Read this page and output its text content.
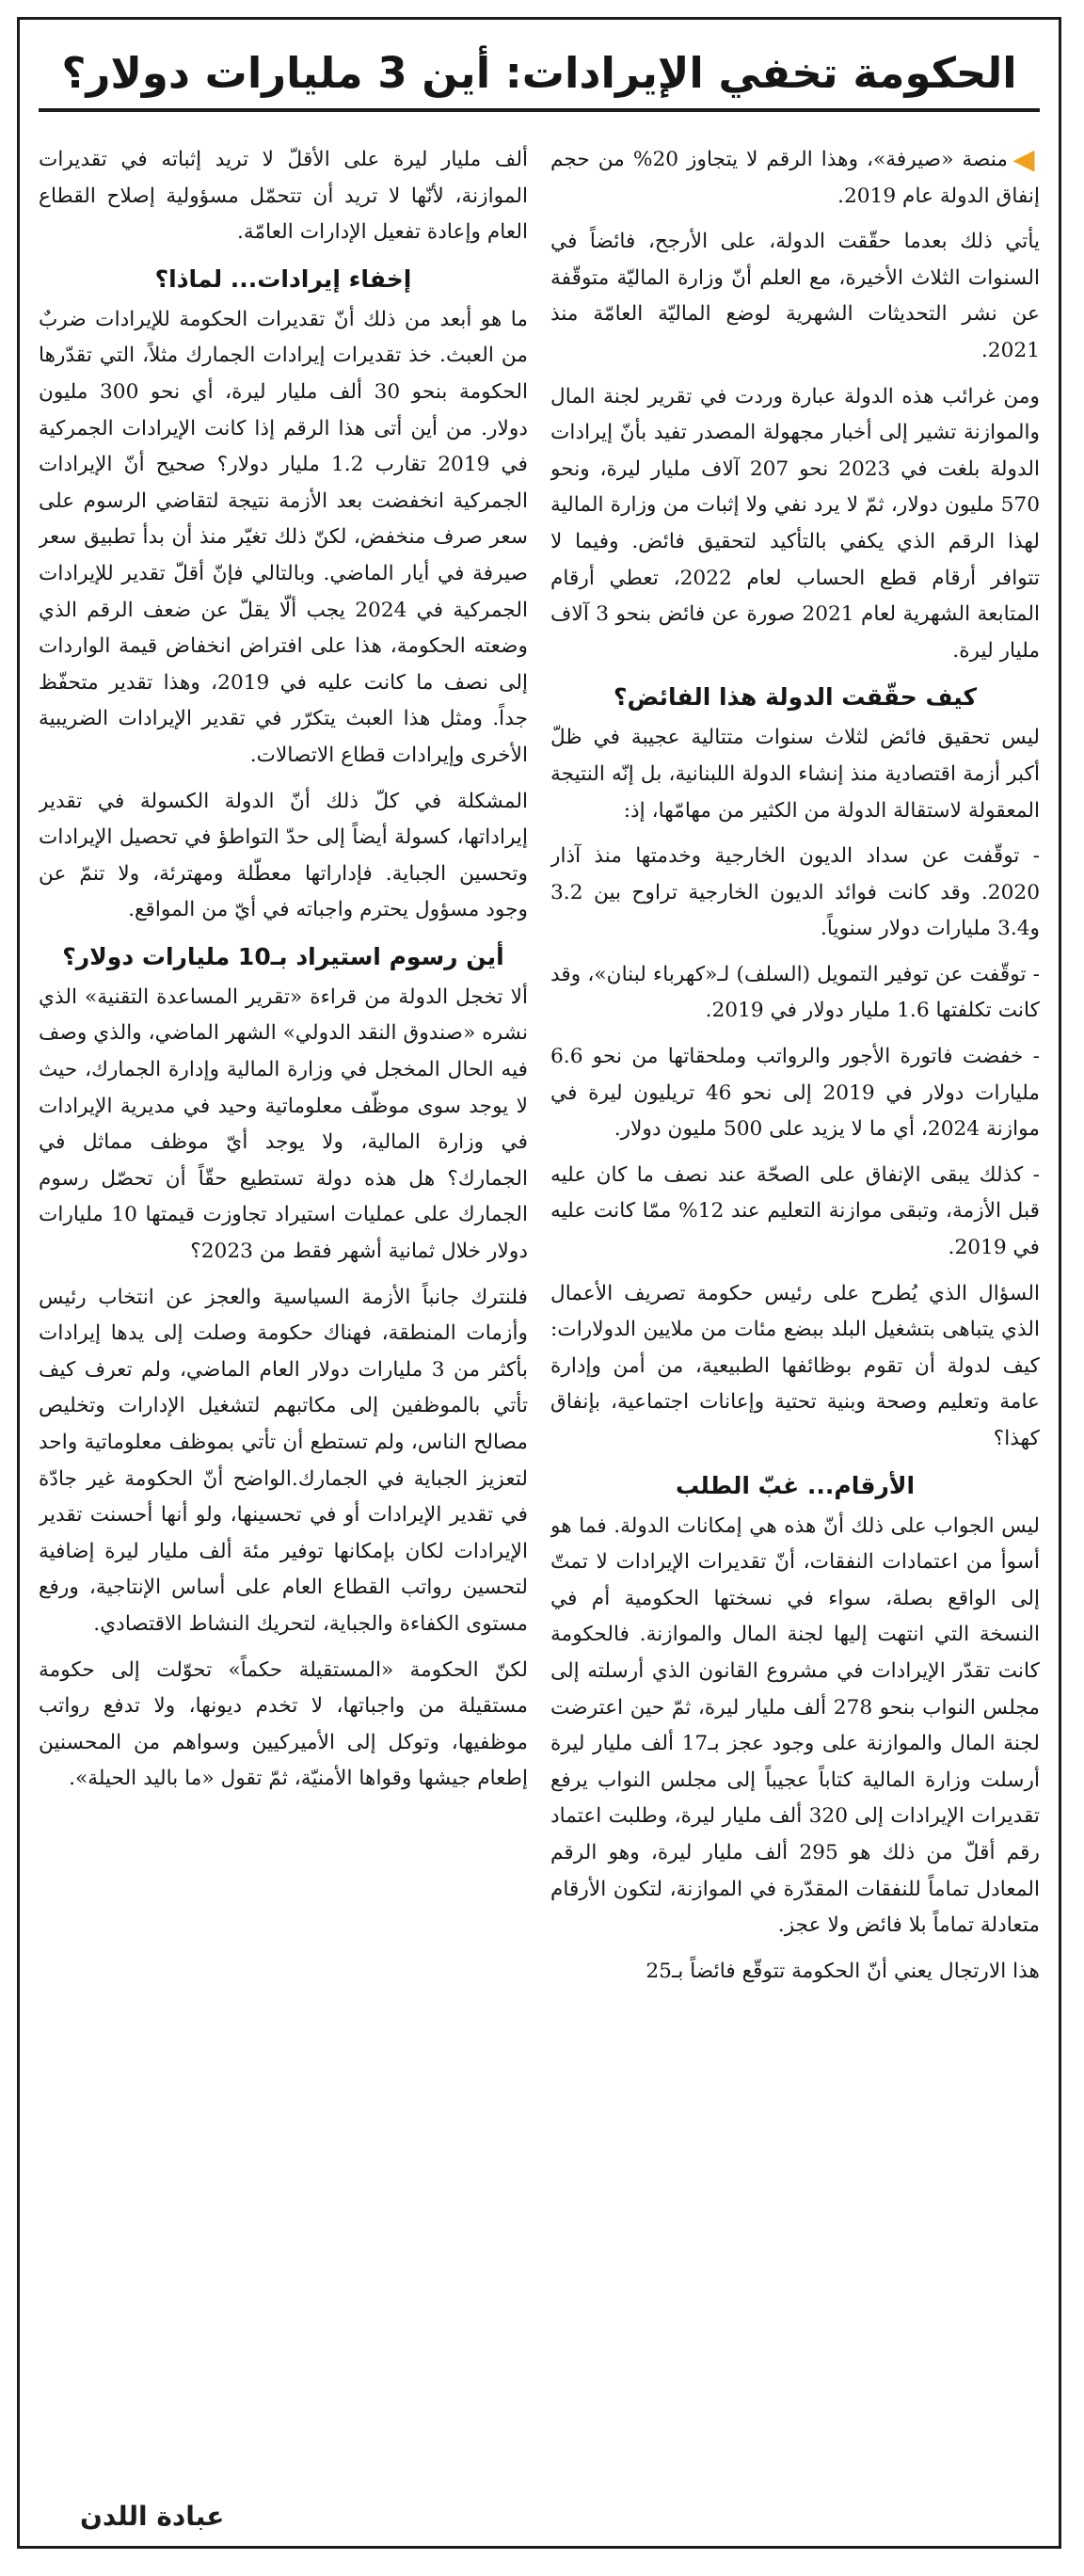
الحكومة تخفي الإيرادات: أين 3 مليارات دولار؟

◀منصة «صيرفة»، وهذا الرقم لا يتجاوز 20% من حجم إنفاق الدولة عام 2019.

يأتي ذلك بعدما حقّقت الدولة، على الأرجح، فائضاً في السنوات الثلاث الأخيرة، مع العلم أنّ وزارة الماليّة متوقّفة عن نشر التحديثات الشهرية لوضع الماليّة العامّة منذ 2021.

ومن غرائب هذه الدولة عبارة وردت في تقرير لجنة المال والموازنة تشير إلى أخبار مجهولة المصدر تفيد بأنّ إيرادات الدولة بلغت في 2023 نحو 207 آلاف مليار ليرة، ونحو 570 مليون دولار، ثمّ لا يرد نفي ولا إثبات من وزارة المالية لهذا الرقم الذي يكفي بالتأكيد لتحقيق فائض. وفيما لا تتوافر أرقام قطع الحساب لعام 2022، تعطي أرقام المتابعة الشهرية لعام 2021 صورة عن فائض بنحو 3 آلاف مليار ليرة.

كيف حقّقت الدولة هذا الفائض؟

ليس تحقيق فائض لثلاث سنوات متتالية عجيبة في ظلّ أكبر أزمة اقتصادية منذ إنشاء الدولة اللبنانية، بل إنّه النتيجة المعقولة لاستقالة الدولة من الكثير من مهامّها، إذ:

- توقّفت عن سداد الديون الخارجية وخدمتها منذ آذار 2020. وقد كانت فوائد الديون الخارجية تراوح بين 3.2 و3.4 مليارات دولار سنوياً.

- توقّفت عن توفير التمويل (السلف) لـ«كهرباء لبنان»، وقد كانت تكلفتها 1.6 مليار دولار في 2019.

- خفضت فاتورة الأجور والرواتب وملحقاتها من نحو 6.6 مليارات دولار في 2019 إلى نحو 46 تريليون ليرة في موازنة 2024، أي ما لا يزيد على 500 مليون دولار.

- كذلك يبقى الإنفاق على الصحّة عند نصف ما كان عليه قبل الأزمة، وتبقى موازنة التعليم عند 12% ممّا كانت عليه في 2019.

السؤال الذي يُطرح على رئيس حكومة تصريف الأعمال الذي يتباهى بتشغيل البلد ببضع مئات من ملايين الدولارات: كيف لدولة أن تقوم بوظائفها الطبيعية، من أمن وإدارة عامة وتعليم وصحة وبنية تحتية وإعانات اجتماعية، بإنفاق كهذا؟

الأرقام... غبّ الطلب

ليس الجواب على ذلك أنّ هذه هي إمكانات الدولة. فما هو أسوأ من اعتمادات النفقات، أنّ تقديرات الإيرادات لا تمتّ إلى الواقع بصلة، سواء في نسختها الحكومية أم في النسخة التي انتهت إليها لجنة المال والموازنة. فالحكومة كانت تقدّر الإيرادات في مشروع القانون الذي أرسلته إلى مجلس النواب بنحو 278 ألف مليار ليرة، ثمّ حين اعترضت لجنة المال والموازنة على وجود عجز بـ17 ألف مليار ليرة أرسلت وزارة المالية كتاباً عجيباً إلى مجلس النواب يرفع تقديرات الإيرادات إلى 320 ألف مليار ليرة، وطلبت اعتماد رقم أقلّ من ذلك هو 295 ألف مليار ليرة، وهو الرقم المعادل تماماً للنفقات المقدّرة في الموازنة، لتكون الأرقام متعادلة تماماً بلا فائض ولا عجز.

هذا الارتجال يعني أنّ الحكومة تتوقّع فائضاً بـ25

ألف مليار ليرة على الأقلّ لا تريد إثباته في تقديرات الموازنة، لأنّها لا تريد أن تتحمّل مسؤولية إصلاح القطاع العام وإعادة تفعيل الإدارات العامّة.

إخفاء إيرادات... لماذا؟

ما هو أبعد من ذلك أنّ تقديرات الحكومة للإيرادات ضربٌ من العبث. خذ تقديرات إيرادات الجمارك مثلاً، التي تقدّرها الحكومة بنحو 30 ألف مليار ليرة، أي نحو 300 مليون دولار. من أين أتى هذا الرقم إذا كانت الإيرادات الجمركية في 2019 تقارب 1.2 مليار دولار؟ صحيح أنّ الإيرادات الجمركية انخفضت بعد الأزمة نتيجة لتقاضي الرسوم على سعر صرف منخفض، لكنّ ذلك تغيّر منذ أن بدأ تطبيق سعر صيرفة في أيار الماضي. وبالتالي فإنّ أقلّ تقدير للإيرادات الجمركية في 2024 يجب ألّا يقلّ عن ضعف الرقم الذي وضعته الحكومة، هذا على افتراض انخفاض قيمة الواردات إلى نصف ما كانت عليه في 2019، وهذا تقدير متحفّظ جداً. ومثل هذا العبث يتكرّر في تقدير الإيرادات الضريبية الأخرى وإيرادات قطاع الاتصالات.

المشكلة في كلّ ذلك أنّ الدولة الكسولة في تقدير إيراداتها، كسولة أيضاً إلى حدّ التواطؤ في تحصيل الإيرادات وتحسين الجباية. فإداراتها معطّلة ومهترئة، ولا تنمّ عن وجود مسؤول يحترم واجباته في أيّ من المواقع.

أين رسوم استيراد بـ10 مليارات دولار؟

ألا تخجل الدولة من قراءة «تقرير المساعدة التقنية» الذي نشره «صندوق النقد الدولي» الشهر الماضي، والذي وصف فيه الحال المخجل في وزارة المالية وإدارة الجمارك، حيث لا يوجد سوى موظّف معلوماتية وحيد في مديرية الإيرادات في وزارة المالية، ولا يوجد أيّ موظف مماثل في الجمارك؟ هل هذه دولة تستطيع حقّاً أن تحصّل رسوم الجمارك على عمليات استيراد تجاوزت قيمتها 10 مليارات دولار خلال ثمانية أشهر فقط من 2023؟

فلنترك جانباً الأزمة السياسية والعجز عن انتخاب رئيس وأزمات المنطقة، فهناك حكومة وصلت إلى يدها إيرادات بأكثر من 3 مليارات دولار العام الماضي، ولم تعرف كيف تأتي بالموظفين إلى مكاتبهم لتشغيل الإدارات وتخليص مصالح الناس، ولم تستطع أن تأتي بموظف معلوماتية واحد لتعزيز الجباية في الجمارك.الواضح أنّ الحكومة غير جادّة في تقدير الإيرادات أو في تحسينها، ولو أنها أحسنت تقدير الإيرادات لكان بإمكانها توفير مئة ألف مليار ليرة إضافية لتحسين رواتب القطاع العام على أساس الإنتاجية، ورفع مستوى الكفاءة والجباية، لتحريك النشاط الاقتصادي.

لكنّ الحكومة «المستقيلة حكماً» تحوّلت إلى حكومة مستقيلة من واجباتها، لا تخدم ديونها، ولا تدفع رواتب موظفيها، وتوكل إلى الأميركيين وسواهم من المحسنين إطعام جيشها وقواها الأمنيّة، ثمّ تقول «ما باليد الحيلة».

عبادة اللدن
